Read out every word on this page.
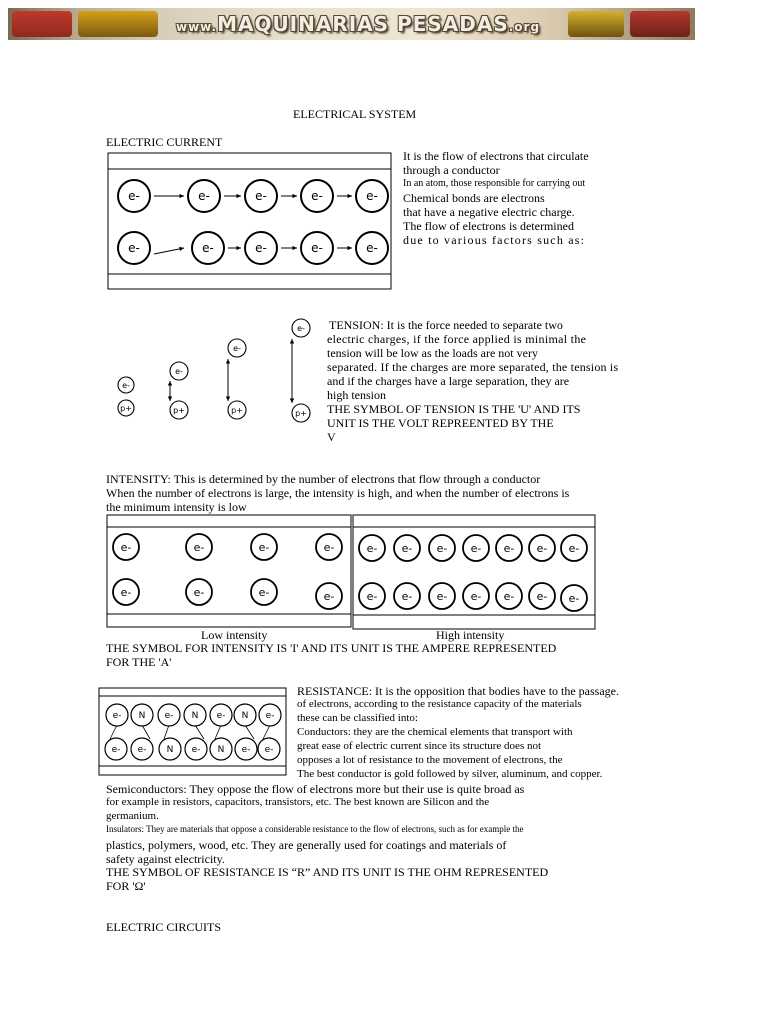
www.MAQUINARIAS PESADAS.org
ELECTRICAL SYSTEM
ELECTRIC CURRENT
e-	e-	e-	e-	e-
e-	e-	e-	e-	e-
It is the flow of electrons that circulate
through a conductor
In an atom, those responsible for carrying out
Chemical bonds are electrons
that have a negative electric charge.
The flow of electrons is determined
due to various factors such as:
e-
p+
e-
p+
e-
p+
e-
p+
TENSION: It is the force needed to separate two
electric charges, if the force applied is minimal the
tension will be low as the loads are not very
separated. If the charges are more separated, the tension is
and if the charges have a large separation, they are
high tension
THE SYMBOL OF TENSION IS THE 'U' AND ITS
UNIT IS THE VOLT REPREENTED BY THE
V
INTENSITY: This is determined by the number of electrons that flow through a conductor
When the number of electrons is large, the intensity is high, and when the number of electrons is
the minimum intensity is low
e-	e-	e-	e-
e-	e-	e-	e-
e- e- e- e- e- e- e-
e- e- e- e- e- e- e-
Low intensity	High intensity
THE SYMBOL FOR INTENSITY IS 'I' AND ITS UNIT IS THE AMPERE REPRESENTED
FOR THE 'A'
e- N e- N e- N e-
e- e- N e- N e- e-
RESISTANCE: It is the opposition that bodies have to the passage.
of electrons, according to the resistance capacity of the materials
these can be classified into:
Conductors: they are the chemical elements that transport with
great ease of electric current since its structure does not
opposes a lot of resistance to the movement of electrons, the
The best conductor is gold followed by silver, aluminum, and copper.
Semiconductors: They oppose the flow of electrons more but their use is quite broad as
for example in resistors, capacitors, transistors, etc. The best known are Silicon and the
germanium.
Insulators: They are materials that oppose a considerable resistance to the flow of electrons, such as for example the
plastics, polymers, wood, etc. They are generally used for coatings and materials of
safety against electricity.
THE SYMBOL OF RESISTANCE IS “R” AND ITS UNIT IS THE OHM REPRESENTED
FOR 'Ω'
ELECTRIC CIRCUITS
